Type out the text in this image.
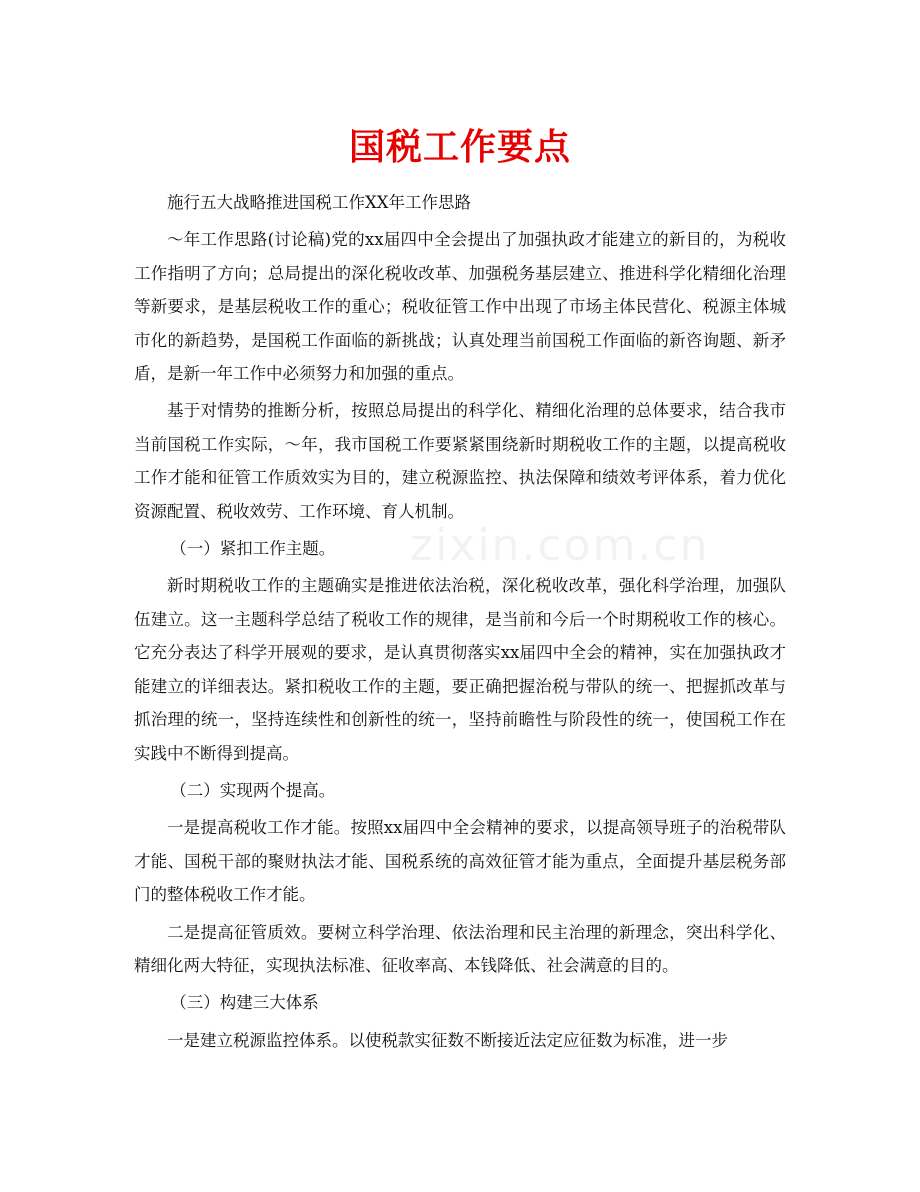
国税工作要点

施行五大战略推进国税工作XX年工作思路

～年工作思路(讨论稿)党的xx届四中全会提出了加强执政才能建立的新目的，为税收工作指明了方向；总局提出的深化税收改革、加强税务基层建立、推进科学化精细化治理等新要求，是基层税收工作的重心；税收征管工作中出现了市场主体民营化、税源主体城市化的新趋势，是国税工作面临的新挑战；认真处理当前国税工作面临的新咨询题、新矛盾，是新一年工作中必须努力和加强的重点。

基于对情势的推断分析，按照总局提出的科学化、精细化治理的总体要求，结合我市当前国税工作实际，～年，我市国税工作要紧紧围绕新时期税收工作的主题，以提高税收工作才能和征管工作质效实为目的，建立税源监控、执法保障和绩效考评体系，着力优化资源配置、税收效劳、工作环境、育人机制。

（一）紧扣工作主题。

新时期税收工作的主题确实是推进依法治税，深化税收改革，强化科学治理，加强队伍建立。这一主题科学总结了税收工作的规律，是当前和今后一个时期税收工作的核心。它充分表达了科学开展观的要求，是认真贯彻落实xx届四中全会的精神，实在加强执政才能建立的详细表达。紧扣税收工作的主题，要正确把握治税与带队的统一、把握抓改革与抓治理的统一，坚持连续性和创新性的统一，坚持前瞻性与阶段性的统一，使国税工作在实践中不断得到提高。

（二）实现两个提高。

一是提高税收工作才能。按照xx届四中全会精神的要求，以提高领导班子的治税带队才能、国税干部的聚财执法才能、国税系统的高效征管才能为重点，全面提升基层税务部门的整体税收工作才能。

二是提高征管质效。要树立科学治理、依法治理和民主治理的新理念，突出科学化、精细化两大特征，实现执法标准、征收率高、本钱降低、社会满意的目的。

（三）构建三大体系

一是建立税源监控体系。以使税款实征数不断接近法定应征数为标准，进一步

zixin.com.cn
